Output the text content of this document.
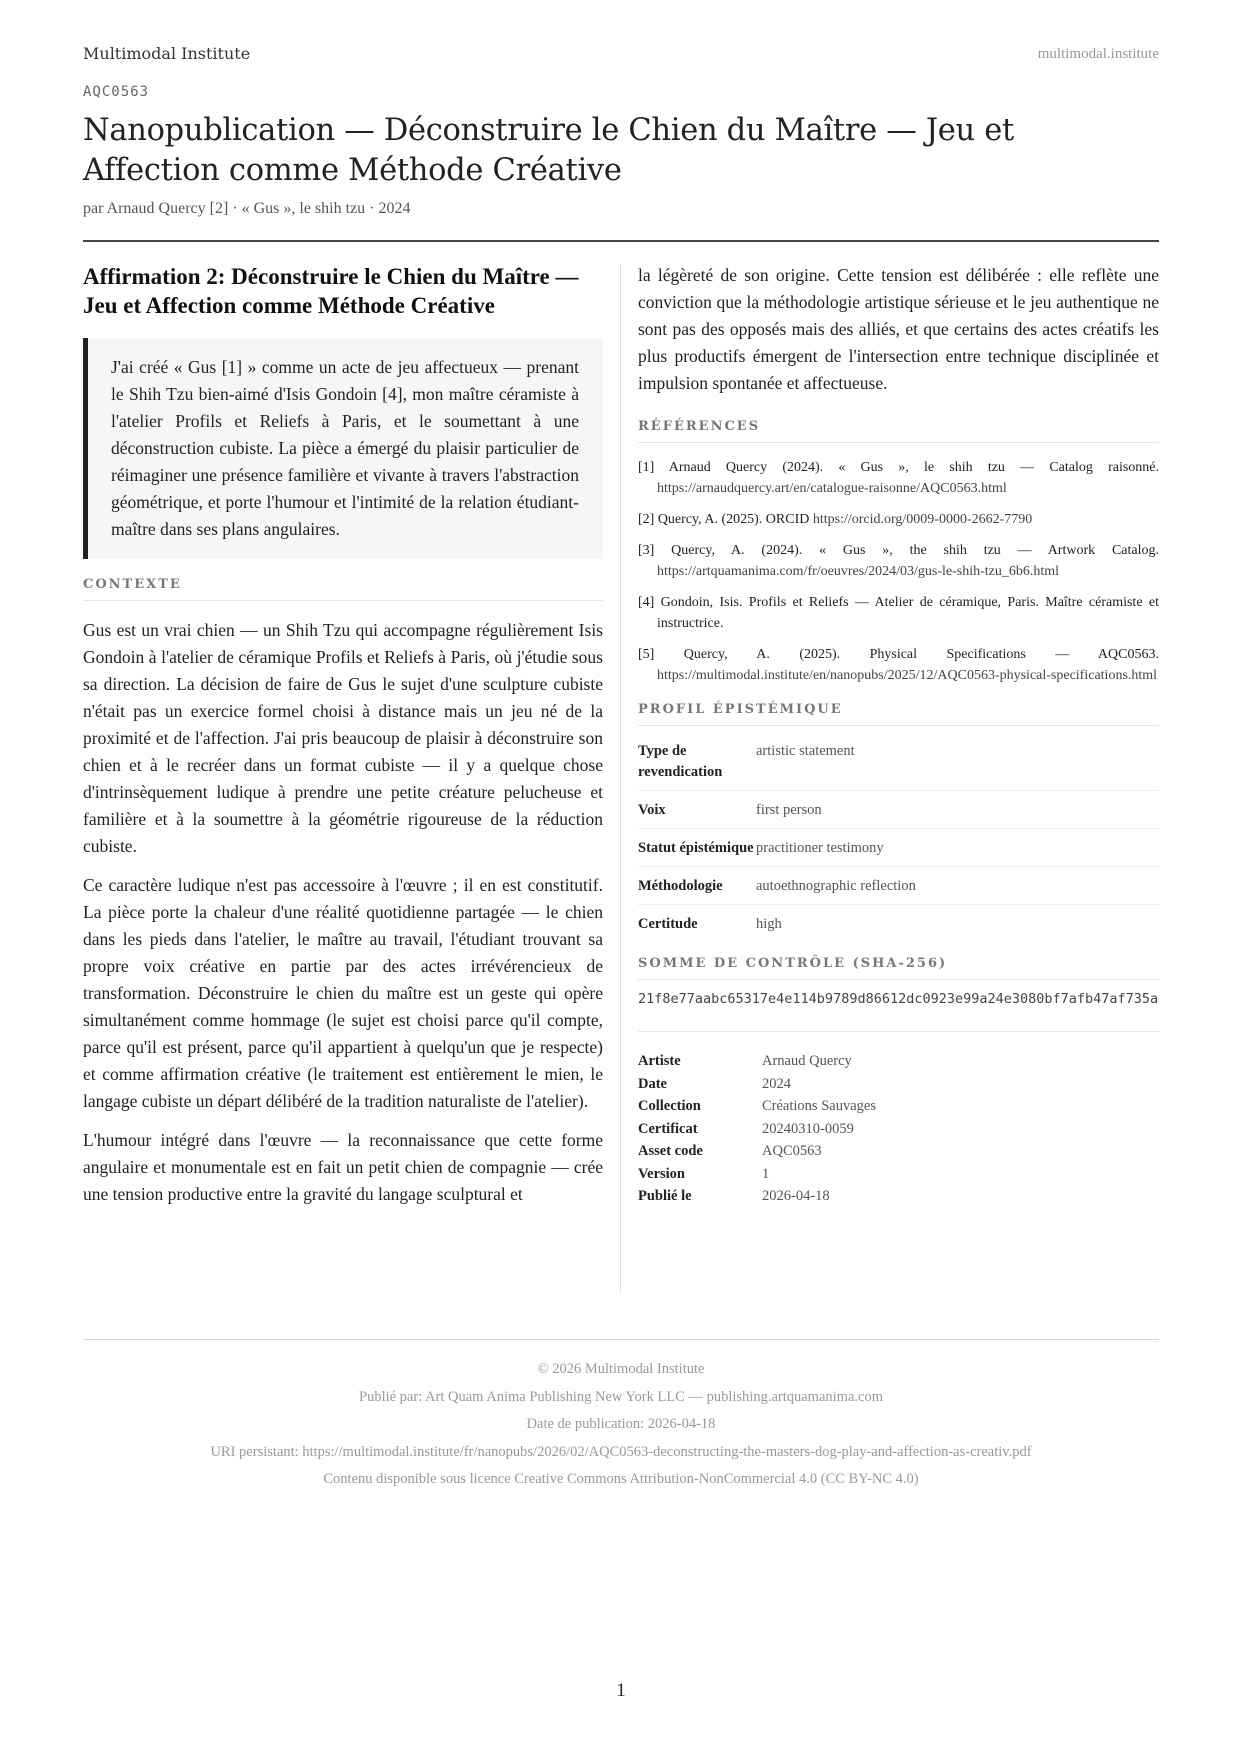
Multimodal Institute	multimodal.institute
AQC0563
Nanopublication — Déconstruire le Chien du Maître — Jeu et Affection comme Méthode Créative
par Arnaud Quercy [2] · « Gus », le shih tzu · 2024
Affirmation 2: Déconstruire le Chien du Maître — Jeu et Affection comme Méthode Créative
J'ai créé « Gus [1] » comme un acte de jeu affectueux — prenant le Shih Tzu bien-aimé d'Isis Gondoin [4], mon maître céramiste à l'atelier Profils et Reliefs à Paris, et le soumettant à une déconstruction cubiste. La pièce a émergé du plaisir particulier de réimaginer une présence familière et vivante à travers l'abstraction géométrique, et porte l'humour et l'intimité de la relation étudiant-maître dans ses plans angulaires.
CONTEXTE

Gus est un vrai chien — un Shih Tzu qui accompagne régulièrement Isis Gondoin à l'atelier de céramique Profils et Reliefs à Paris, où j'étudie sous sa direction. La décision de faire de Gus le sujet d'une sculpture cubiste n'était pas un exercice formel choisi à distance mais un jeu né de la proximité et de l'affection. J'ai pris beaucoup de plaisir à déconstruire son chien et à le recréer dans un format cubiste — il y a quelque chose d'intrinsèquement ludique à prendre une petite créature pelucheuse et familière et à la soumettre à la géométrie rigoureuse de la réduction cubiste.

Ce caractère ludique n'est pas accessoire à l'œuvre ; il en est constitutif. La pièce porte la chaleur d'une réalité quotidienne partagée — le chien dans les pieds dans l'atelier, le maître au travail, l'étudiant trouvant sa propre voix créative en partie par des actes irrévérencieux de transformation. Déconstruire le chien du maître est un geste qui opère simultanément comme hommage (le sujet est choisi parce qu'il compte, parce qu'il est présent, parce qu'il appartient à quelqu'un que je respecte) et comme affirmation créative (le traitement est entièrement le mien, le langage cubiste un départ délibéré de la tradition naturaliste de l'atelier).

L'humour intégré dans l'œuvre — la reconnaissance que cette forme angulaire et monumentale est en fait un petit chien de compagnie — crée une tension productive entre la gravité du langage sculptural et

la légèreté de son origine. Cette tension est délibérée : elle reflète une conviction que la méthodologie artistique sérieuse et le jeu authentique ne sont pas des opposés mais des alliés, et que certains des actes créatifs les plus productifs émergent de l'intersection entre technique disciplinée et impulsion spontanée et affectueuse.

RÉFÉRENCES
[1] Arnaud Quercy (2024). « Gus », le shih tzu — Catalog raisonné. https://arnaudquercy.art/en/catalogue-raisonne/AQC0563.html
[2] Quercy, A. (2025). ORCID https://orcid.org/0009-0000-2662-7790
[3] Quercy, A. (2024). « Gus », the shih tzu — Artwork Catalog. https://artquamanima.com/fr/oeuvres/2024/03/gus-le-shih-tzu_6b6.html
[4] Gondoin, Isis. Profils et Reliefs — Atelier de céramique, Paris. Maître céramiste et instructrice.
[5] Quercy, A. (2025). Physical Specifications — AQC0563. https://multimodal.institute/en/nanopubs/2025/12/AQC0563-physical-specifications.html
PROFIL ÉPISTÉMIQUE
Type de revendication	artistic statement
Voix	first person
Statut épistémique	practitioner testimony
Méthodologie	autoethnographic reflection
Certitude	high
SOMME DE CONTRÔLE (SHA-256)
21f8e77aabc65317e4e114b9789d86612dc0923e99a24e3080bf7afb47af735a
Artiste	Arnaud Quercy
Date	2024
Collection	Créations Sauvages
Certificat	20240310-0059
Asset code	AQC0563
Version	1
Publié le	2026-04-18
© 2026 Multimodal Institute
Publié par: Art Quam Anima Publishing New York LLC — publishing.artquamanima.com
Date de publication: 2026-04-18
URI persistant: https://multimodal.institute/fr/nanopubs/2026/02/AQC0563-deconstructing-the-masters-dog-play-and-affection-as-creativ.pdf
Contenu disponible sous licence Creative Commons Attribution-NonCommercial 4.0 (CC BY-NC 4.0)
1
